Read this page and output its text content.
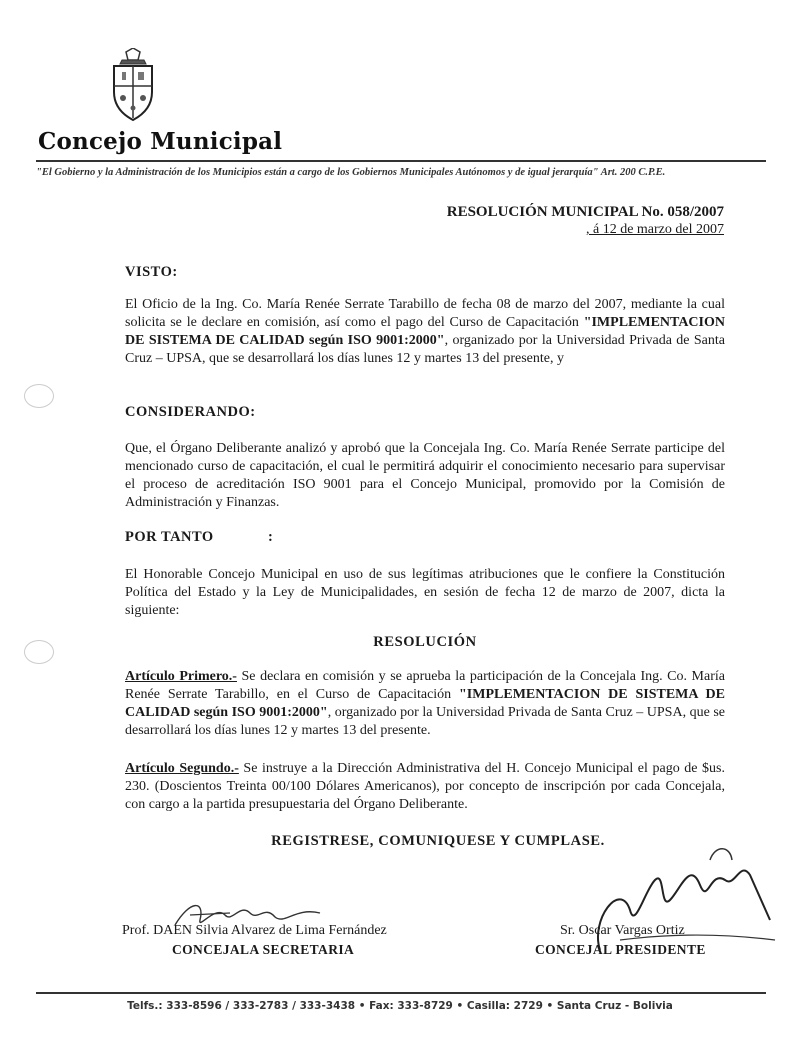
Concejo Municipal
"El Gobierno y la Administración de los Municipios están a cargo de los Gobiernos Municipales Autónomos y de igual jerarquía" Art. 200 C.P.E.
RESOLUCIÓN MUNICIPAL No. 058/2007
, á 12 de marzo del 2007
VISTO:
El Oficio de la Ing. Co. María Renée Serrate Tarabillo de fecha 08 de marzo del 2007, mediante la cual solicita se le declare en comisión, así como el pago del Curso de Capacitación "IMPLEMENTACION DE SISTEMA DE CALIDAD según ISO 9001:2000", organizado por la Universidad Privada de Santa Cruz – UPSA, que se desarrollará los días lunes 12 y martes 13 del presente, y
CONSIDERANDO:
Que, el Órgano Deliberante analizó y aprobó que la Concejala Ing. Co. María Renée Serrate participe del mencionado curso de capacitación, el cual le permitirá adquirir el conocimiento necesario para supervisar el proceso de acreditación ISO 9001 para el Concejo Municipal, promovido por la Comisión de Administración y Finanzas.
POR TANTO	:
El Honorable Concejo Municipal en uso de sus legítimas atribuciones que le confiere la Constitución Política del Estado y la Ley de Municipalidades, en sesión de fecha 12 de marzo de 2007, dicta la siguiente:
RESOLUCIÓN
Artículo Primero.- Se declara en comisión y se aprueba la participación de la Concejala Ing. Co. María Renée Serrate Tarabillo, en el Curso de Capacitación "IMPLEMENTACION DE SISTEMA DE CALIDAD según ISO 9001:2000", organizado por la Universidad Privada de Santa Cruz – UPSA, que se desarrollará los días lunes 12 y martes 13 del presente.
Artículo Segundo.- Se instruye a la Dirección Administrativa del H. Concejo Municipal el pago de $us. 230. (Doscientos Treinta 00/100 Dólares Americanos), por concepto de inscripción por cada Concejala, con cargo a la partida presupuestaria del Órgano Deliberante.
REGISTRESE, COMUNIQUESE Y CUMPLASE.
Prof. DAEN Silvia Alvarez de Lima Fernández
CONCEJALA SECRETARIA
Sr. Oscar Vargas Ortiz
CONCEJAL PRESIDENTE
Telfs.: 333-8596 / 333-2783 / 333-3438 • Fax: 333-8729 • Casilla: 2729 • Santa Cruz - Bolivia
